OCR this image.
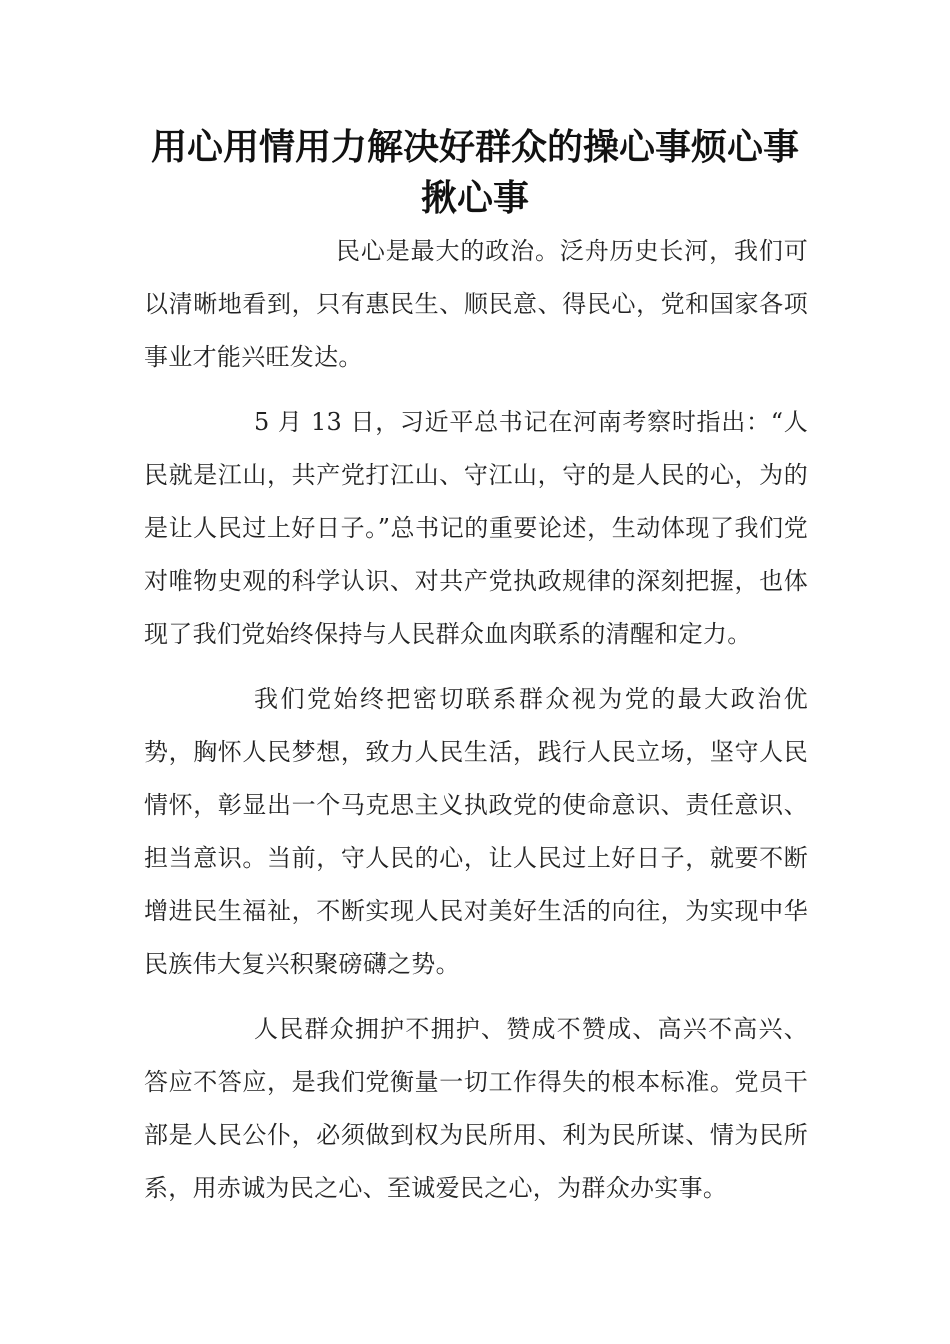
用心用情用力解决好群众的操心事烦心事
揪心事

民心是最大的政治。泛舟历史长河，我们可以清晰地看到，只有惠民生、顺民意、得民心，党和国家各项事业才能兴旺发达。

5 月 13 日，习近平总书记在河南考察时指出：“人民就是江山，共产党打江山、守江山，守的是人民的心，为的是让人民过上好日子。”总书记的重要论述，生动体现了我们党对唯物史观的科学认识、对共产党执政规律的深刻把握，也体现了我们党始终保持与人民群众血肉联系的清醒和定力。

我们党始终把密切联系群众视为党的最大政治优势，胸怀人民梦想，致力人民生活，践行人民立场，坚守人民情怀，彰显出一个马克思主义执政党的使命意识、责任意识、担当意识。当前，守人民的心，让人民过上好日子，就要不断增进民生福祉，不断实现人民对美好生活的向往，为实现中华民族伟大复兴积聚磅礴之势。

人民群众拥护不拥护、赞成不赞成、高兴不高兴、答应不答应，是我们党衡量一切工作得失的根本标准。党员干部是人民公仆，必须做到权为民所用、利为民所谋、情为民所系，用赤诚为民之心、至诚爱民之心，为群众办实事。
